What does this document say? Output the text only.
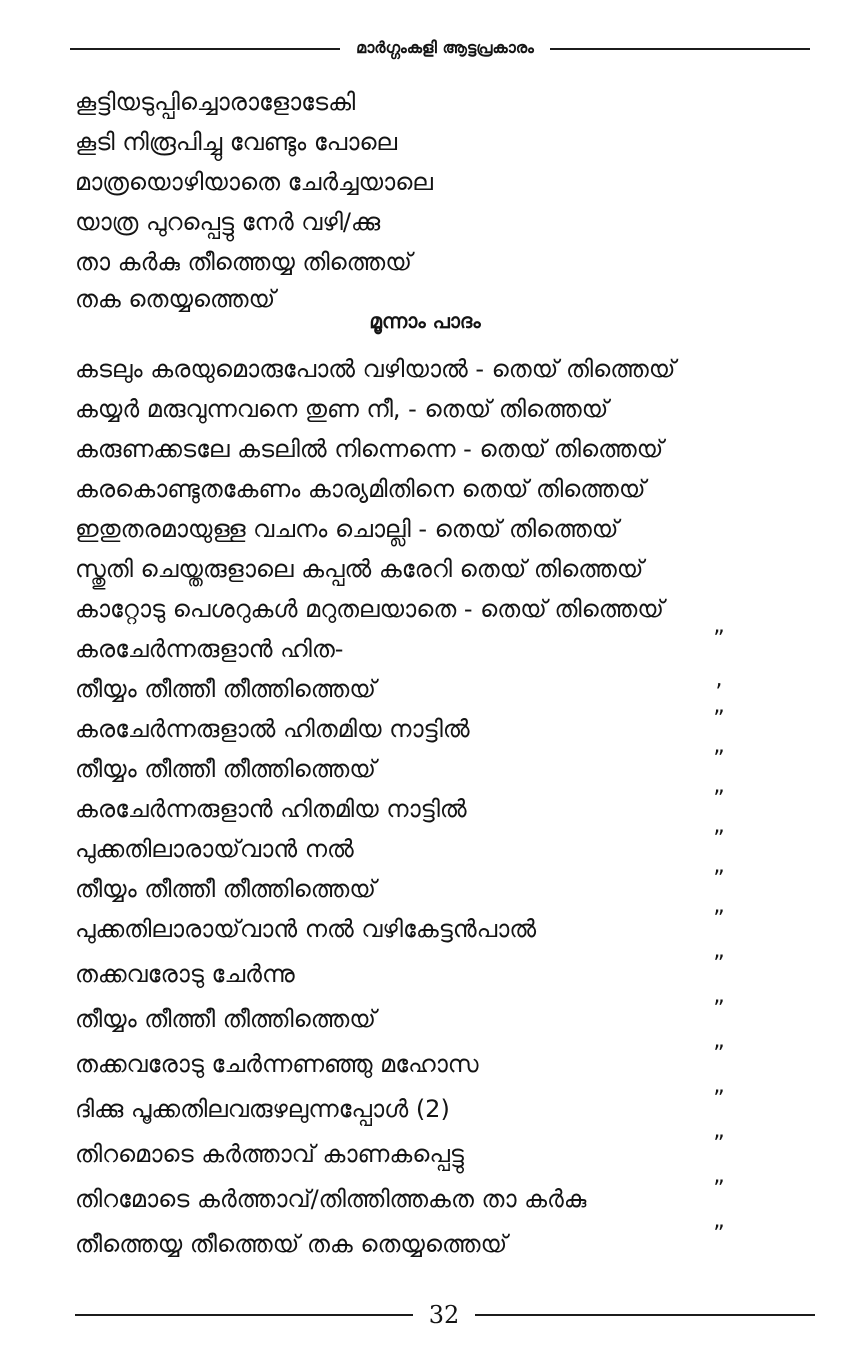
മാർഗ്ഗംകളി ആട്ടപ്രകാരം
കൂട്ടിയടുപ്പിച്ചൊരാളോടേകി
കൂടി നിരൂപിച്ചു വേണ്ടും പോലെ
മാത്രയൊഴിയാതെ ചേർച്ചയാലെ
യാത്ര പുറപ്പെട്ടു നേർ വഴി/ക്കു
താ കർകു തീത്തെയ്യ തിത്തെയ്
തക തെയ്യത്തെയ്
മൂന്നാം പാദം
കടലും കരയുമൊരുപോൽ വഴിയാൽ - തെയ് തിത്തെയ്
കയ്യർ മരുവുന്നവനെ തുണ നീ, - തെയ് തിത്തെയ്
കരുണക്കടലേ കടലിൽ നിന്നെന്നെ - തെയ് തിത്തെയ്
കരകൊണ്ടുതകേണം കാര്യമിതിനെ തെയ് തിത്തെയ്
ഇതുതരമായുള്ള വചനം ചൊല്ലി - തെയ് തിത്തെയ്
സ്തുതി ചെയ്തരുളാലെ കപ്പൽ കരേറി തെയ് തിത്തെയ്
കാറ്റോടു പെശറുകൾ മറുതലയാതെ - തെയ് തിത്തെയ്
കരചേർന്നരുളാൻ ഹിത-
തീയ്യം തീത്തീ തീത്തിത്തെയ്
കരചേർന്നരുളാൽ ഹിതമിയ നാട്ടിൽ
തീയ്യം തീത്തീ തീത്തിത്തെയ്
കരചേർന്നരുളാൻ ഹിതമിയ നാട്ടിൽ
പുക്കതിലാരായ്‌വാൻ നൽ
തീയ്യം തീത്തീ തീത്തിത്തെയ്
പുക്കതിലാരായ്‌വാൻ നൽ വഴികേട്ടൻപാൽ
തക്കവരോടു ചേർന്നു
തീയ്യം തീത്തീ തീത്തിത്തെയ്
തക്കവരോടു ചേർന്നണഞ്ഞു മഹോസ
ദിക്കു പൂക്കതിലവരുഴലുന്നപ്പോൾ (2)
തിറമൊടെ കർത്താവ് കാണകപ്പെട്ടു
തിറമോടെ കർത്താവ്/തിത്തിത്തകത താ കർകു
തീത്തെയ്യ തീത്തെയ് തക തെയ്യത്തെയ്
”
,
”
”
”
”
”
”
”
”
”
”
”
”
”
32
